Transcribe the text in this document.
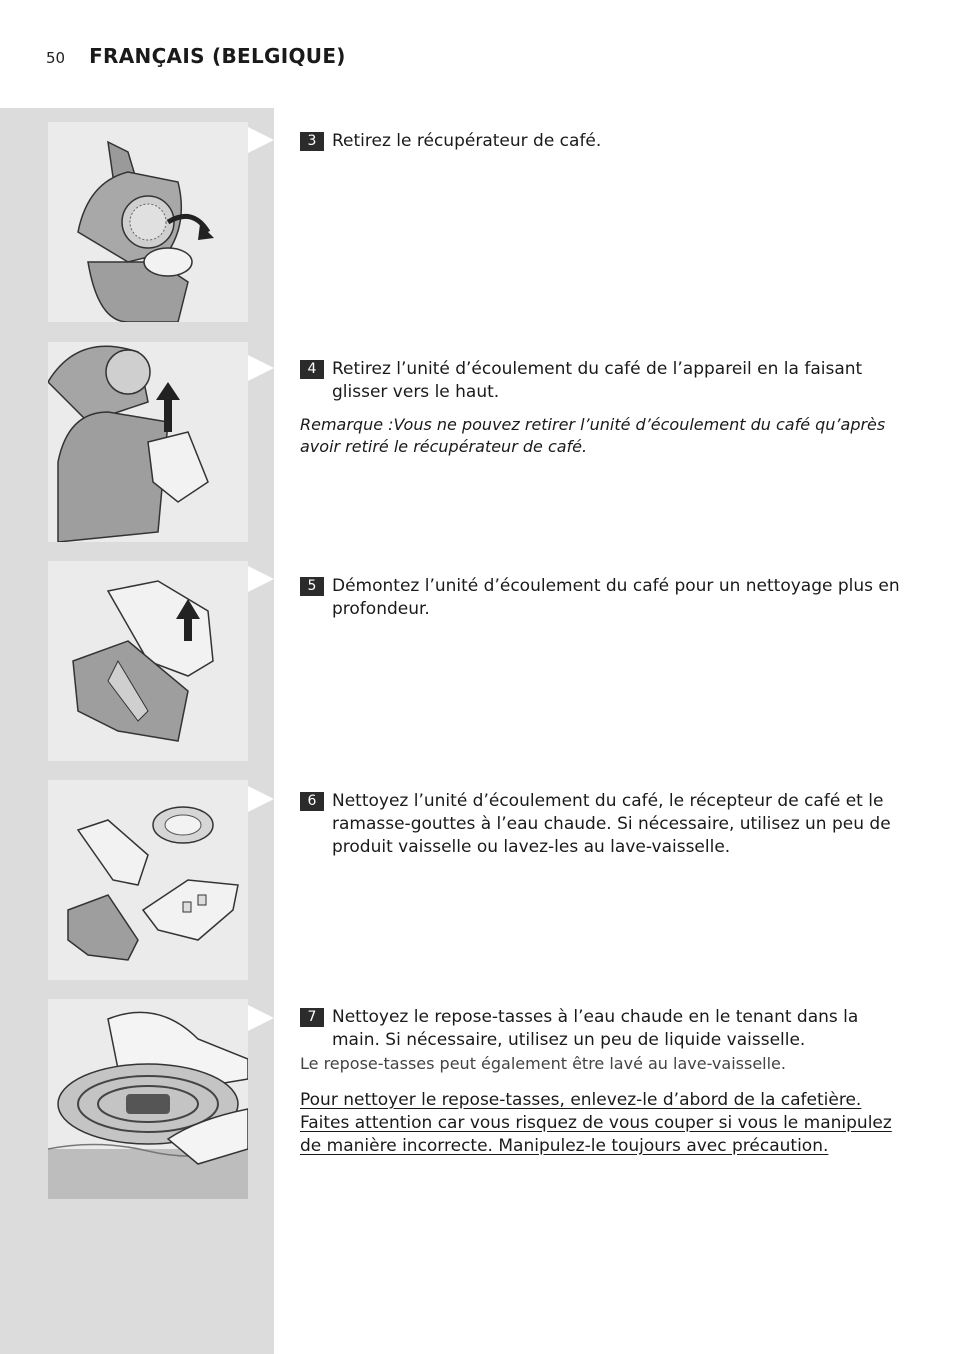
50 FRANÇAIS (BELGIQUE)
3 Retirez le récupérateur de café.
4 Retirez l’unité d’écoulement du café de l’appareil en la faisant glisser vers le haut.
Remarque :Vous ne pouvez retirer l’unité d’écoulement du café qu’après avoir retiré le récupérateur de café.
5 Démontez l’unité d’écoulement du café pour un nettoyage plus en profondeur.
6 Nettoyez l’unité d’écoulement du café, le récepteur de café et le ramasse-gouttes à l’eau chaude. Si nécessaire, utilisez un peu de produit vaisselle ou lavez-les au lave-vaisselle.
7 Nettoyez le repose-tasses à l’eau chaude en le tenant dans la main. Si nécessaire, utilisez un peu de liquide vaisselle.
Le repose-tasses peut également être lavé au lave-vaisselle.
Pour nettoyer le repose-tasses, enlevez-le d’abord de la cafetière. Faites attention car vous risquez de vous couper si vous le manipulez de manière incorrecte. Manipulez-le toujours avec précaution.
